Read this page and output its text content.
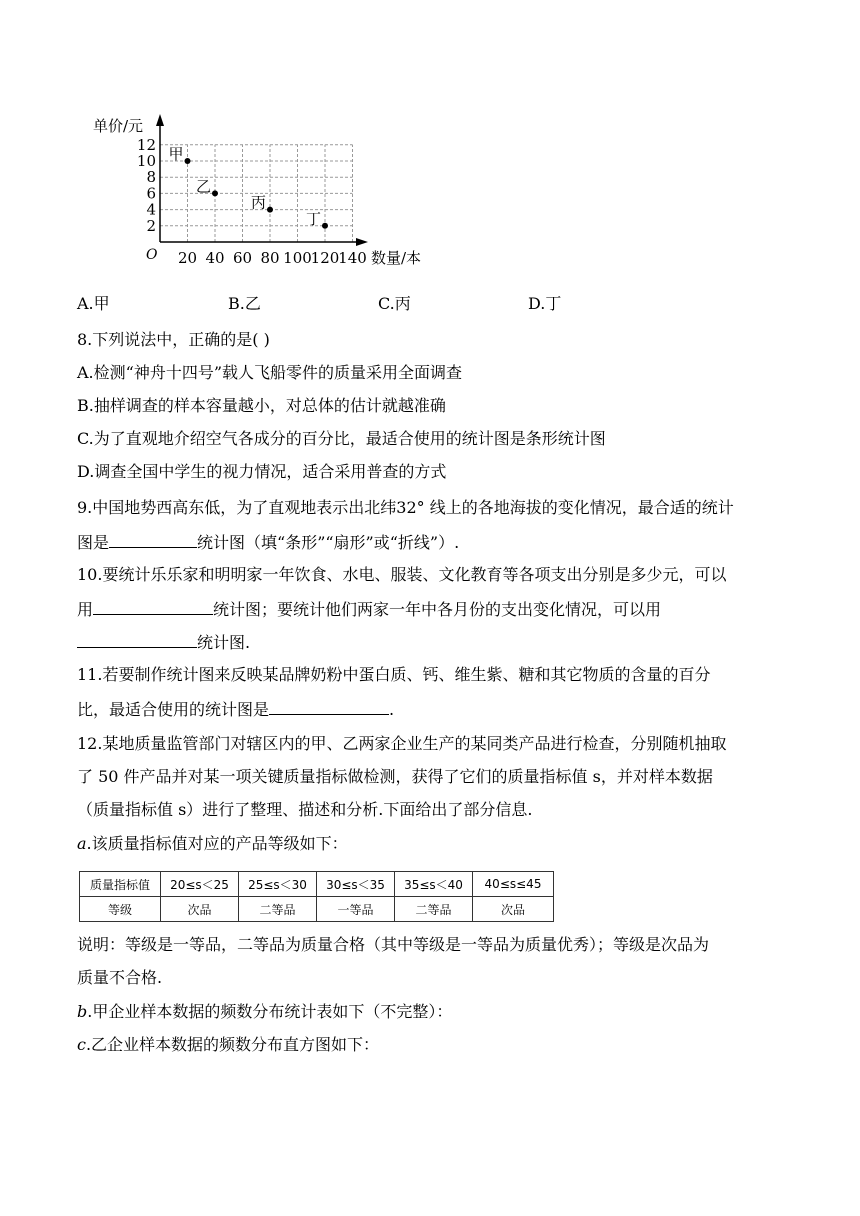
20 40 60 80 100
120
140
2
4
6
8
10
12
甲
乙
丙
丁
单价/元
数量/本
O
A.甲	B.乙	C.丙	D.丁
8.下列说法中，正确的是( )
A.检测“神舟十四号”载人飞船零件的质量采用全面调查
B.抽样调查的样本容量越小，对总体的估计就越准确
C.为了直观地介绍空气各成分的百分比，最适合使用的统计图是条形统计图
D.调查全国中学生的视力情况，适合采用普查的方式
9.中国地势西高东低，为了直观地表示出北纬32° 线上的各地海拔的变化情况，最合适的统计
图是	统计图（填“条形”“扇形”或“折线”）.
10.要统计乐乐家和明明家一年饮食、水电、服装、文化教育等各项支出分别是多少元，可以
用	统计图；要统计他们两家一年中各月份的支出变化情况，可以用
统计图.
11.若要制作统计图来反映某品牌奶粉中蛋白质、钙、维生紫、糖和其它物质的含量的百分
比，最适合使用的统计图是	.
12.某地质量监管部门对辖区内的甲、乙两家企业生产的某同类产品进行检查，分别随机抽取
了 50 件产品并对某一项关键质量指标做检测，获得了它们的质量指标值 s，并对样本数据
（质量指标值 s）进行了整理、描述和分析.下面给出了部分信息.
a.该质量指标值对应的产品等级如下：
质量指标值	20≤s＜25	25≤s＜30	30≤s＜35	35≤s＜40	40≤s≤45
等级	次品	二等品	一等品	二等品	次品
说明：等级是一等品，二等品为质量合格（其中等级是一等品为质量优秀）；等级是次品为
质量不合格.
b.甲企业样本数据的频数分布统计表如下（不完整）：
c.乙企业样本数据的频数分布直方图如下：
